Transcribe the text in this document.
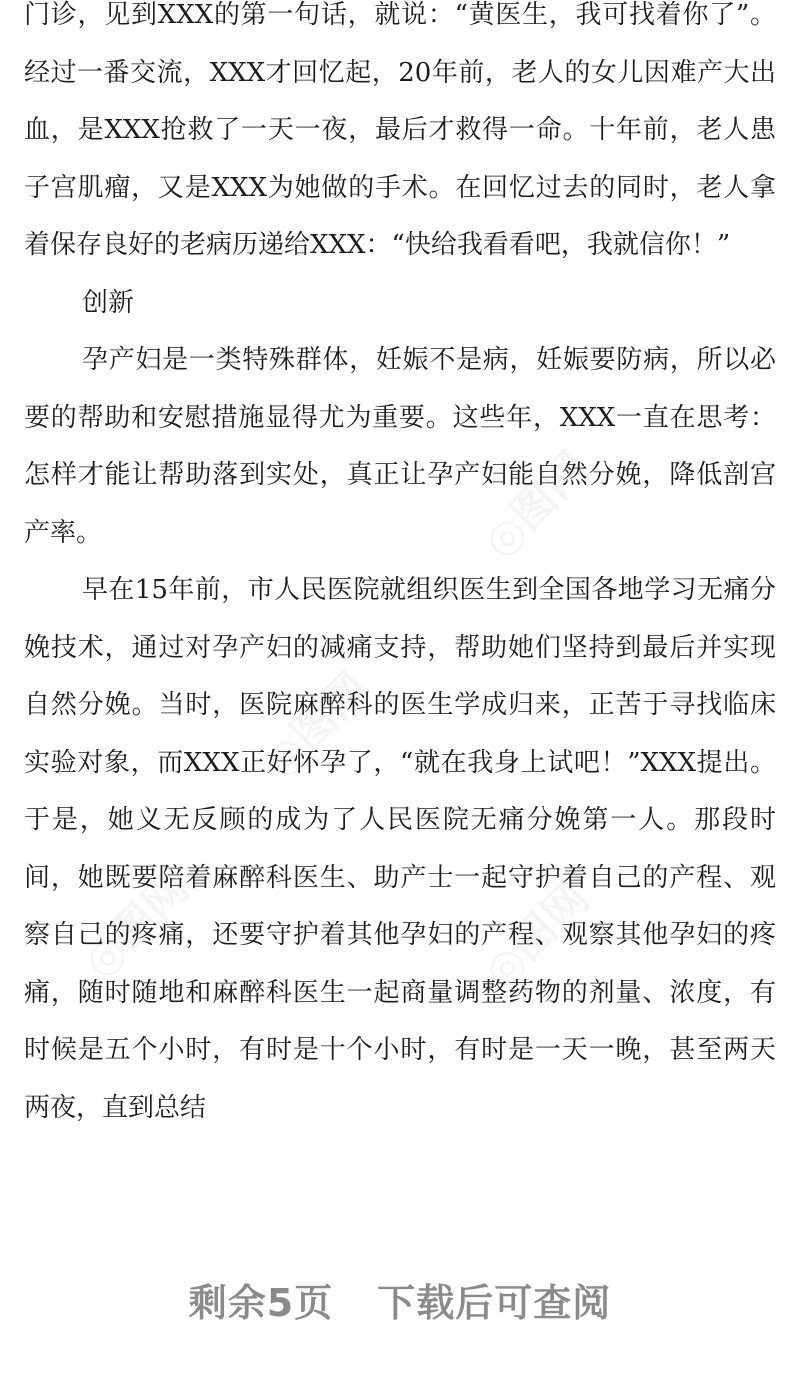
门诊，见到XXX的第一句话，就说：“黄医生，我可找着你了”。经过一番交流，XXX才回忆起，20年前，老人的女儿因难产大出血，是XXX抢救了一天一夜，最后才救得一命。十年前，老人患子宫肌瘤，又是XXX为她做的手术。在回忆过去的同时，老人拿着保存良好的老病历递给XXX：“快给我看看吧，我就信你！”

创新

孕产妇是一类特殊群体，妊娠不是病，妊娠要防病，所以必要的帮助和安慰措施显得尤为重要。这些年，XXX一直在思考：怎样才能让帮助落到实处，真正让孕产妇能自然分娩，降低剖宫产率。

早在15年前，市人民医院就组织医生到全国各地学习无痛分娩技术，通过对孕产妇的减痛支持，帮助她们坚持到最后并实现自然分娩。当时，医院麻醉科的医生学成归来，正苦于寻找临床实验对象，而XXX正好怀孕了，“就在我身上试吧！”XXX提出。于是，她义无反顾的成为了人民医院无痛分娩第一人。那段时间，她既要陪着麻醉科医生、助产士一起守护着自己的产程、观察自己的疼痛，还要守护着其他孕妇的产程、观察其他孕妇的疼痛，随时随地和麻醉科医生一起商量调整药物的剂量、浓度，有时候是五个小时，有时是十个小时，有时是一天一晚，甚至两天两夜，直到总结

剩余5页 下载后可查阅
